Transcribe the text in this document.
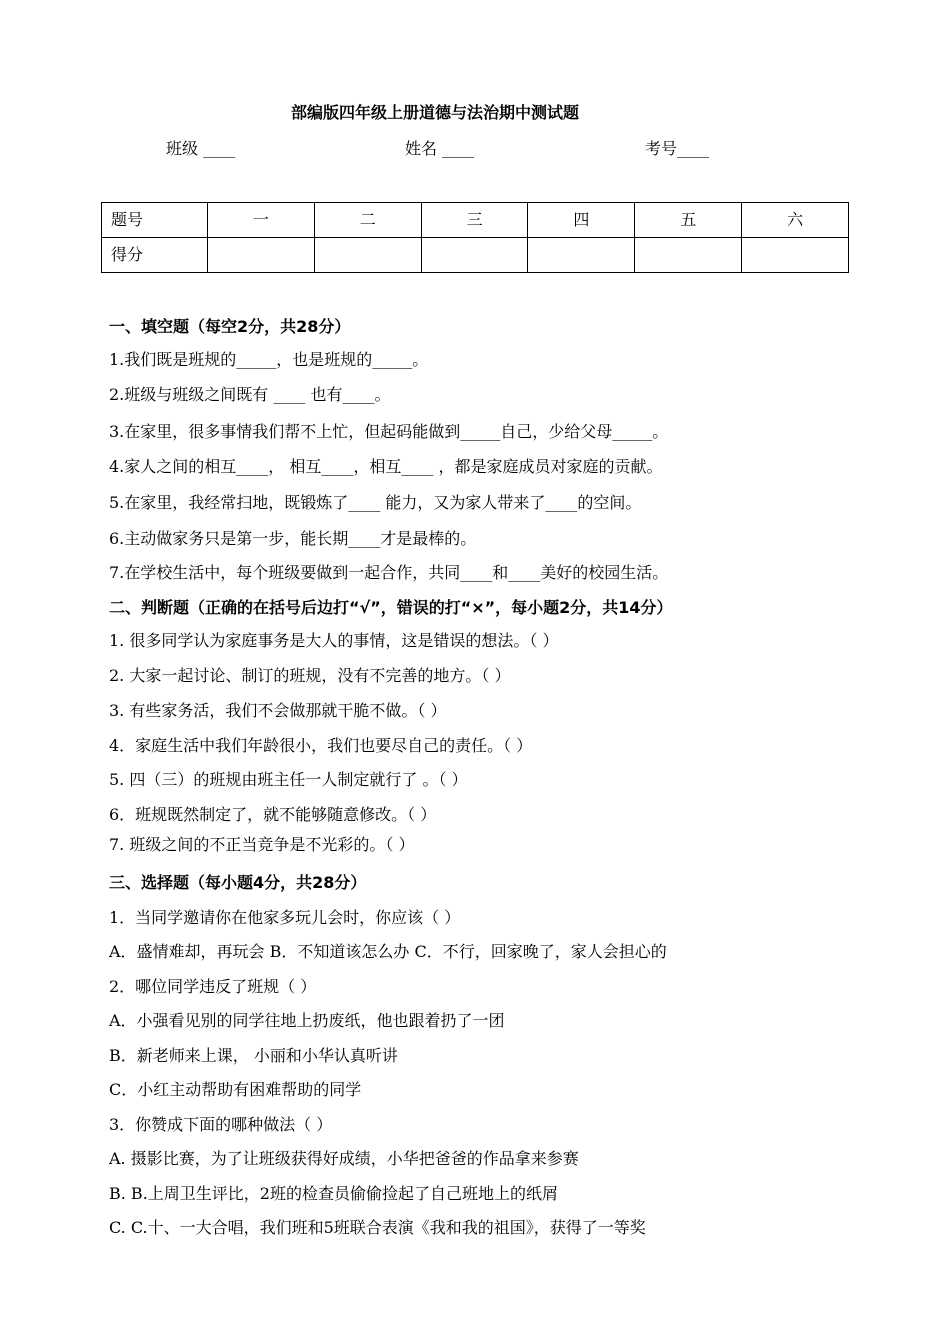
部编版四年级上册道德与法治期中测试题
班级 ____	姓名 ____	考号____
题号	一	二	三	四	五	六
得分						
一、填空题（每空2分，共28分）
1.我们既是班规的_____，也是班规的_____。
2.班级与班级之间既有 ____ 也有____。
3.在家里，很多事情我们帮不上忙，但起码能做到_____自己，少给父母_____。
4.家人之间的相互____， 相互____，相互____ ，都是家庭成员对家庭的贡献。
5.在家里，我经常扫地，既锻炼了____ 能力，又为家人带来了____的空间。
6.主动做家务只是第一步，能长期____才是最棒的。
7.在学校生活中，每个班级要做到一起合作，共同____和____美好的校园生活。
二、判断题（正确的在括号后边打“√”，错误的打“×”，每小题2分，共14分）
1. 很多同学认为家庭事务是大人的事情，这是错误的想法。（ ）
2. 大家一起讨论、制订的班规，没有不完善的地方。（ ）
3. 有些家务活，我们不会做那就干脆不做。（ ）
4．家庭生活中我们年龄很小，我们也要尽自己的责任。（ ）
5. 四（三）的班规由班主任一人制定就行了 。（ ）
6．班规既然制定了，就不能够随意修改。（ ）
7. 班级之间的不正当竞争是不光彩的。（ ）
三、选择题（每小题4分，共28分）
1．当同学邀请你在他家多玩儿会时，你应该（ ）
A．盛情难却，再玩会 B．不知道该怎么办 C．不行，回家晚了，家人会担心的
2．哪位同学违反了班规（ ）
A．小强看见别的同学往地上扔废纸，他也跟着扔了一团
B．新老师来上课， 小丽和小华认真听讲
C．小红主动帮助有困难帮助的同学
3．你赞成下面的哪种做法（ ）
A. 摄影比赛，为了让班级获得好成绩，小华把爸爸的作品拿来参赛
B. B.上周卫生评比，2班的检查员偷偷捡起了自己班地上的纸屑
C. C.十、一大合唱，我们班和5班联合表演《我和我的祖国》，获得了一等奖
